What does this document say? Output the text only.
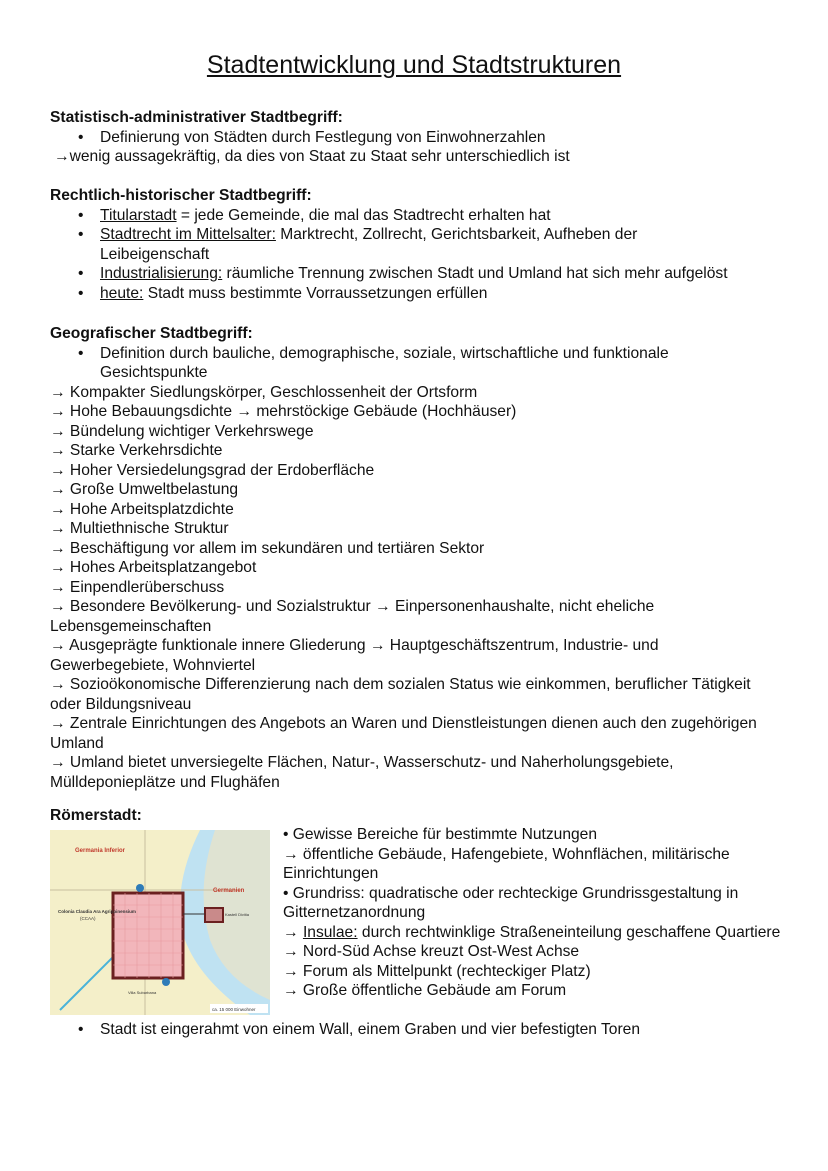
Stadtentwicklung und Stadtstrukturen
Statistisch-administrativer Stadtbegriff:
• Definierung von Städten durch Festlegung von Einwohnerzahlen
→wenig aussagekräftig, da dies von Staat zu Staat sehr unterschiedlich ist
Rechtlich-historischer Stadtbegriff:
• Titularstadt = jede Gemeinde, die mal das Stadtrecht erhalten hat
• Stadtrecht im Mittelsalter: Marktrecht, Zollrecht, Gerichtsbarkeit, Aufheben der Leibeigenschaft
• Industrialisierung: räumliche Trennung zwischen Stadt und Umland hat sich mehr aufgelöst
• heute: Stadt muss bestimmte Vorraussetzungen erfüllen
Geografischer Stadtbegriff:
• Definition durch bauliche, demographische, soziale, wirtschaftliche und funktionale Gesichtspunkte
→ Kompakter Siedlungskörper, Geschlossenheit der Ortsform
→ Hohe Bebauungsdichte → mehrstöckige Gebäude (Hochhäuser)
→ Bündelung wichtiger Verkehrswege
→ Starke Verkehrsdichte
→ Hoher Versiedelungsgrad der Erdoberfläche
→ Große Umweltbelastung
→ Hohe Arbeitsplatzdichte
→ Multiethnische Struktur
→ Beschäftigung vor allem im sekundären und tertiären Sektor
→ Hohes Arbeitsplatzangebot
→ Einpendlerüberschuss
→ Besondere Bevölkerung- und Sozialstruktur → Einpersonenhaushalte, nicht eheliche Lebensgemeinschaften
→ Ausgeprägte funktionale innere Gliederung → Hauptgeschäftszentrum, Industrie- und Gewerbegebiete, Wohnviertel
→ Sozioökonomische Differenzierung nach dem sozialen Status wie einkommen, beruflicher Tätigkeit oder Bildungsniveau
→ Zentrale Einrichtungen des Angebots an Waren und Dienstleistungen dienen auch den zugehörigen Umland
→ Umland bietet unversiegelte Flächen, Natur-, Wasserschutz- und Naherholungsgebiete, Mülldeponieplätze und Flughäfen
Römerstadt:
Germania Inferior
Germanien
Colonia Claudia Ara Agrippinensium
(CCAA)
Kastell Divitia
Villa Suburbana
ca. 15 000 Einwohner
• Gewisse Bereiche für bestimmte Nutzungen
→ öffentliche Gebäude, Hafengebiete, Wohnflächen, militärische Einrichtungen
• Grundriss: quadratische oder rechteckige Grundrissgestaltung in Gitternetzanordnung
→ Insulae: durch rechtwinklige Straßeneinteilung geschaffene Quartiere
→ Nord-Süd Achse kreuzt Ost-West Achse
→ Forum als Mittelpunkt (rechteckiger Platz)
→ Große öffentliche Gebäude am Forum
• Stadt ist eingerahmt von einem Wall, einem Graben und vier befestigten Toren
